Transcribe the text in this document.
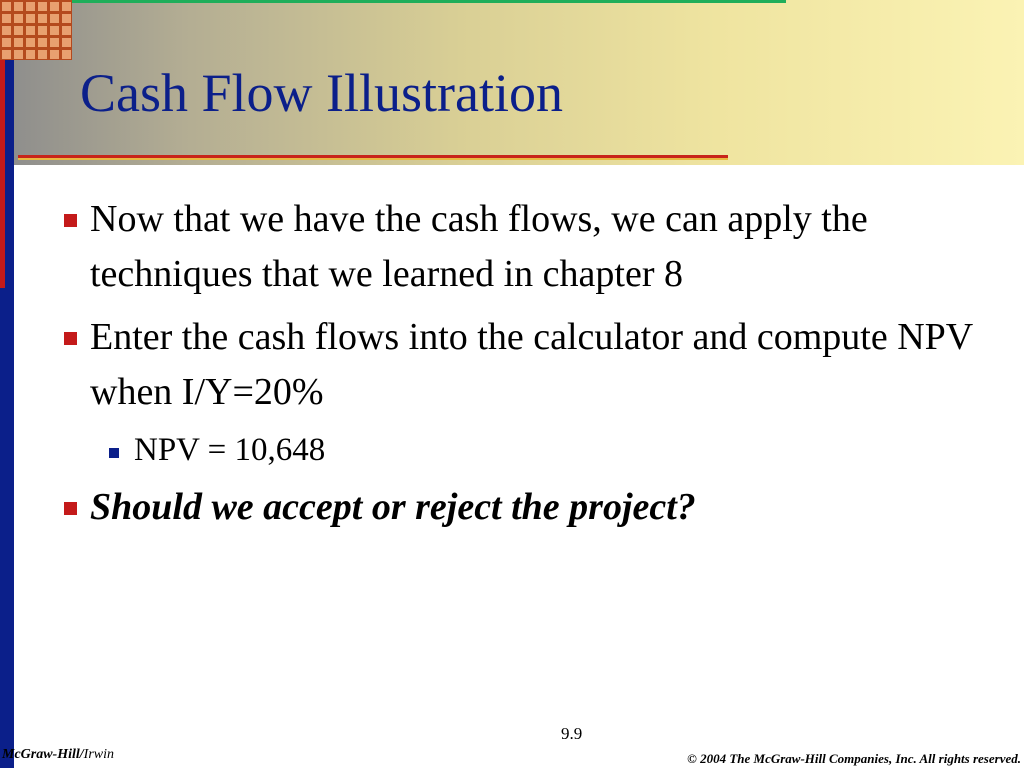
Cash Flow Illustration
Now that we have the cash flows, we can apply the techniques that we learned in chapter 8
Enter the cash flows into the calculator and compute NPV when I/Y=20%
NPV = 10,648
Should we accept or reject the project?
9.9
McGraw-Hill/Irwin	© 2004 The McGraw-Hill Companies, Inc. All rights reserved.
